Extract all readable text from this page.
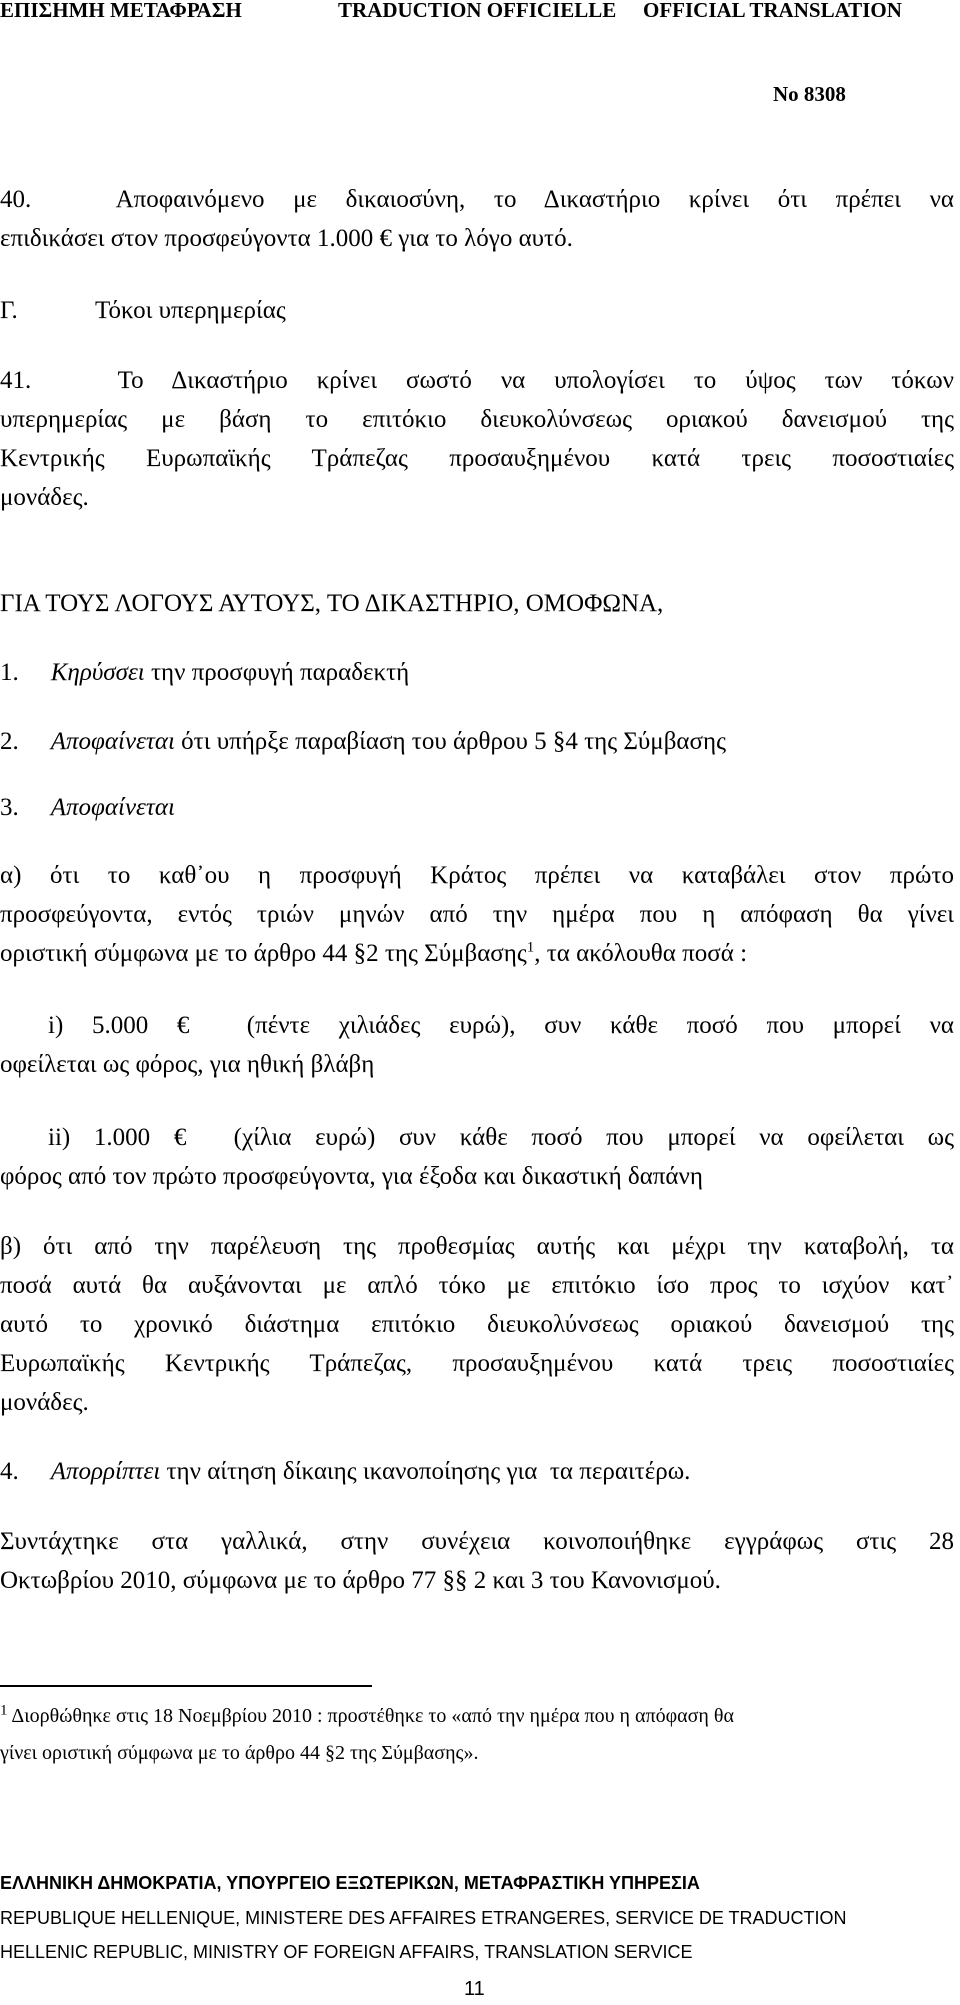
ΕΠΙΣΗΜΗ ΜΕΤΑΦΡΑΣΗ	TRADUCTION OFFICIELLE OFFICIAL TRANSLATION
No 8308
40.   Αποφαινόμενο με δικαιοσύνη, το Δικαστήριο κρίνει ότι πρέπει να
επιδικάσει στον προσφεύγοντα 1.000 € για το λόγο αυτό.
Γ.	Τόκοι υπερημερίας
41.   Το Δικαστήριο κρίνει σωστό να υπολογίσει το ύψος των τόκων
υπερημερίας με βάση το επιτόκιο διευκολύνσεως οριακού δανεισμού της
Κεντρικής Ευρωπαϊκής Τράπεζας προσαυξημένου κατά τρεις ποσοστιαίες
μονάδες.
ΓΙΑ ΤΟΥΣ ΛΟΓΟΥΣ ΑΥΤΟΥΣ, ΤΟ ΔΙΚΑΣΤΗΡΙΟ, ΟΜΟΦΩΝΑ,
1. Κηρύσσει την προσφυγή παραδεκτή
2. Αποφαίνεται ότι υπήρξε παραβίαση του άρθρου 5 §4 της Σύμβασης
3. Αποφαίνεται
α) ότι το καθ᾽ου η προσφυγή Κράτος πρέπει να καταβάλει στον πρώτο
προσφεύγοντα, εντός τριών μηνών από την ημέρα που η απόφαση θα γίνει
οριστική σύμφωνα με το άρθρο 44 §2 της Σύμβασης$^1$, τα ακόλουθα ποσά :
i) 5.000 €  (πέντε χιλιάδες ευρώ), συν κάθε ποσό που μπορεί να
οφείλεται ως φόρος, για ηθική βλάβη
ii) 1.000 €  (χίλια ευρώ) συν κάθε ποσό που μπορεί να οφείλεται ως
φόρος από τον πρώτο προσφεύγοντα, για έξοδα και δικαστική δαπάνη
β) ότι από την παρέλευση της προθεσμίας αυτής και μέχρι την καταβολή, τα
ποσά αυτά θα αυξάνονται με απλό τόκο με επιτόκιο ίσο προς το ισχύον κατ᾽
αυτό το χρονικό διάστημα επιτόκιο διευκολύνσεως οριακού δανεισμού της
Ευρωπαϊκής Κεντρικής Τράπεζας, προσαυξημένου κατά τρεις ποσοστιαίες
μονάδες.
4. Απορρίπτει την αίτηση δίκαιης ικανοποίησης για  τα περαιτέρω.
Συντάχτηκε στα γαλλικά, στην συνέχεια κοινοποιήθηκε εγγράφως στις 28
Οκτωβρίου 2010, σύμφωνα με το άρθρο 77 §§ 2 και 3 του Κανονισμού.
$^1$ Διορθώθηκε στις 18 Νοεμβρίου 2010 : προστέθηκε το «από την ημέρα που η απόφαση θα
γίνει οριστική σύμφωνα με το άρθρο 44 §2 της Σύμβασης».
ΕΛΛΗΝΙΚΗ ΔΗΜΟΚΡΑΤΙΑ, ΥΠΟΥΡΓΕΙΟ ΕΞΩΤΕΡΙΚΩΝ, ΜΕΤΑΦΡΑΣΤΙΚΗ ΥΠΗΡΕΣΙΑ
REPUBLIQUE HELLENIQUE, MINISTERE DES AFFAIRES ETRANGERES, SERVICE DE TRADUCTION
HELLENIC REPUBLIC, MINISTRY OF FOREIGN AFFAIRS, TRANSLATION SERVICE
11
